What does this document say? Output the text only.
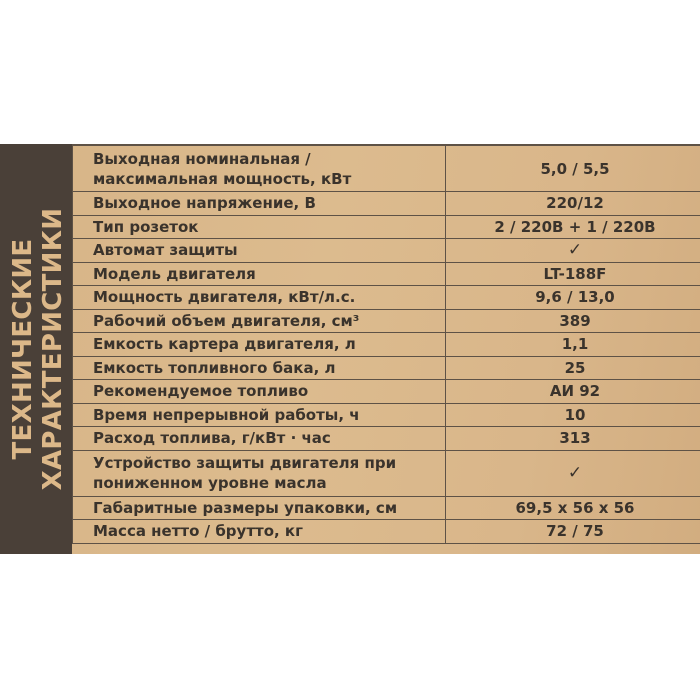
ТЕХНИЧЕСКИЕ ХАРАКТЕРИСТИКИ
Выходная номинальная /
максимальная мощность, кВт	5,0 / 5,5
Выходное напряжение, В	220/12
Тип розеток	2 / 220В + 1 / 220В
Автомат защиты	✓
Модель двигателя	LT-188F
Мощность двигателя, кВт/л.с.	9,6 / 13,0
Рабочий объем двигателя, см³	389
Емкость картера двигателя, л	1,1
Емкость топливного бака, л	25
Рекомендуемое топливо	АИ 92
Время непрерывной работы, ч	10
Расход топлива, г/кВт · час	313
Устройство защиты двигателя при
пониженном уровне масла	✓
Габаритные размеры упаковки, см	69,5 х 56 х 56
Масса нетто / брутто, кг	72 / 75
